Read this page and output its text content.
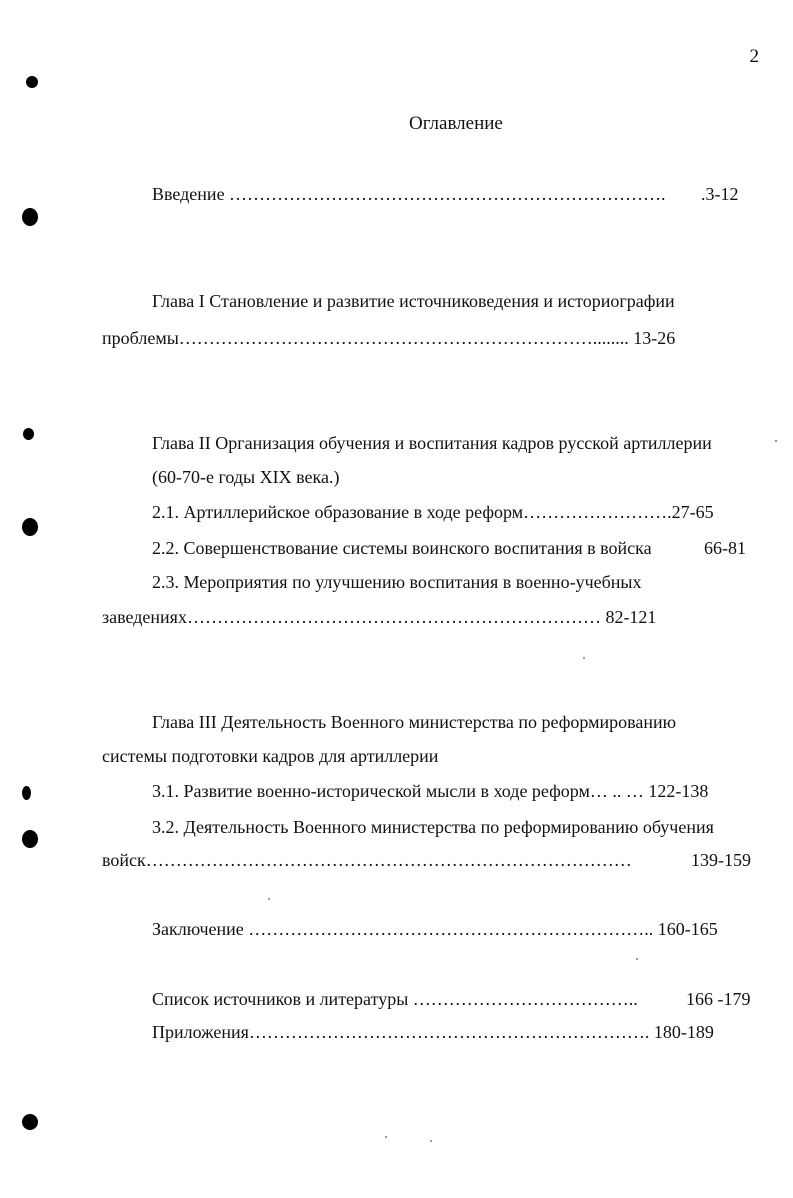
2
Оглавление
Введение ………………………………………………………………. .3-12
Глава I Становление и развитие источниковедения и историографии
проблемы……………………………………………………………........ 13-26
Глава II Организация обучения и воспитания кадров русской артиллерии
(60-70-е годы XIX века.)
2.1. Артиллерийское образование в ходе реформ…………………….27-65
2.2. Совершенствование системы воинского воспитания в войска	66-81
2.3. Мероприятия по улучшению воспитания в военно-учебных
заведениях…………………………………………………………… 82-121
Глава III Деятельность Военного министерства по реформированию
системы подготовки кадров для артиллерии
3.1. Развитие военно-исторической мысли в ходе реформ… .. … 122-138
3.2. Деятельность Военного министерства по реформированию обучения
войск………………………………………………………………………	139-159
Заключение ………………………………………………………….. 160-165
Список источников и литературы ………………………………..	166 -179
Приложения…………………………………………………………. 180-189
